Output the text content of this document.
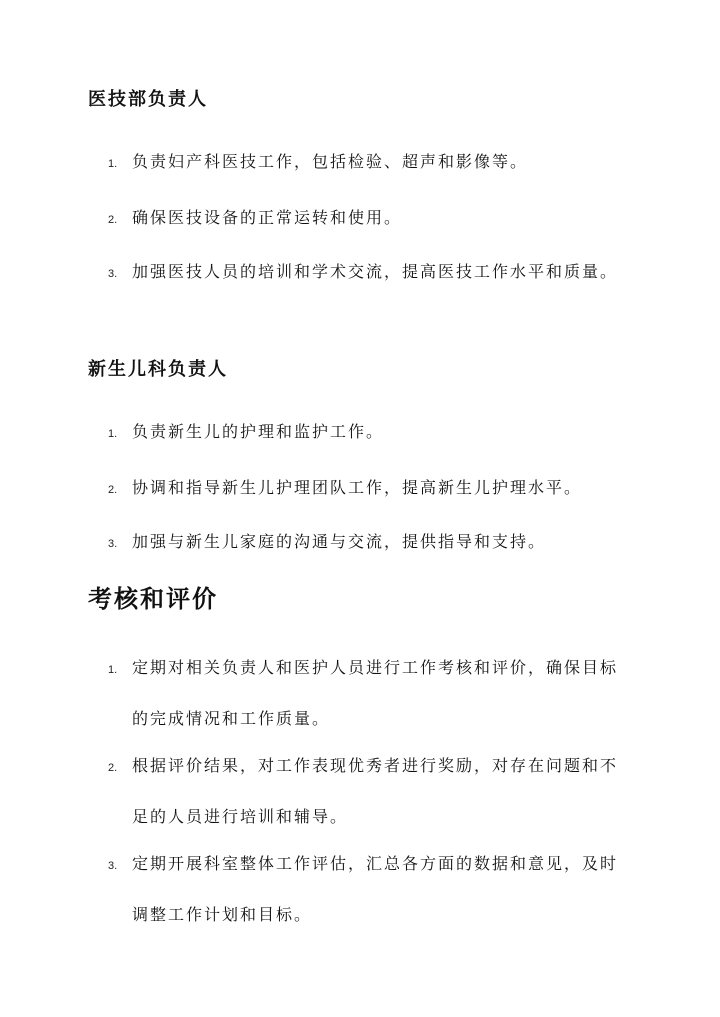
医技部负责人
1. 负责妇产科医技工作，包括检验、超声和影像等。
2. 确保医技设备的正常运转和使用。
3. 加强医技人员的培训和学术交流，提高医技工作水平和质量。
新生儿科负责人
1. 负责新生儿的护理和监护工作。
2. 协调和指导新生儿护理团队工作，提高新生儿护理水平。
3. 加强与新生儿家庭的沟通与交流，提供指导和支持。
考核和评价
1. 定期对相关负责人和医护人员进行工作考核和评价，确保目标的完成情况和工作质量。
2. 根据评价结果，对工作表现优秀者进行奖励，对存在问题和不足的人员进行培训和辅导。
3. 定期开展科室整体工作评估，汇总各方面的数据和意见，及时调整工作计划和目标。
